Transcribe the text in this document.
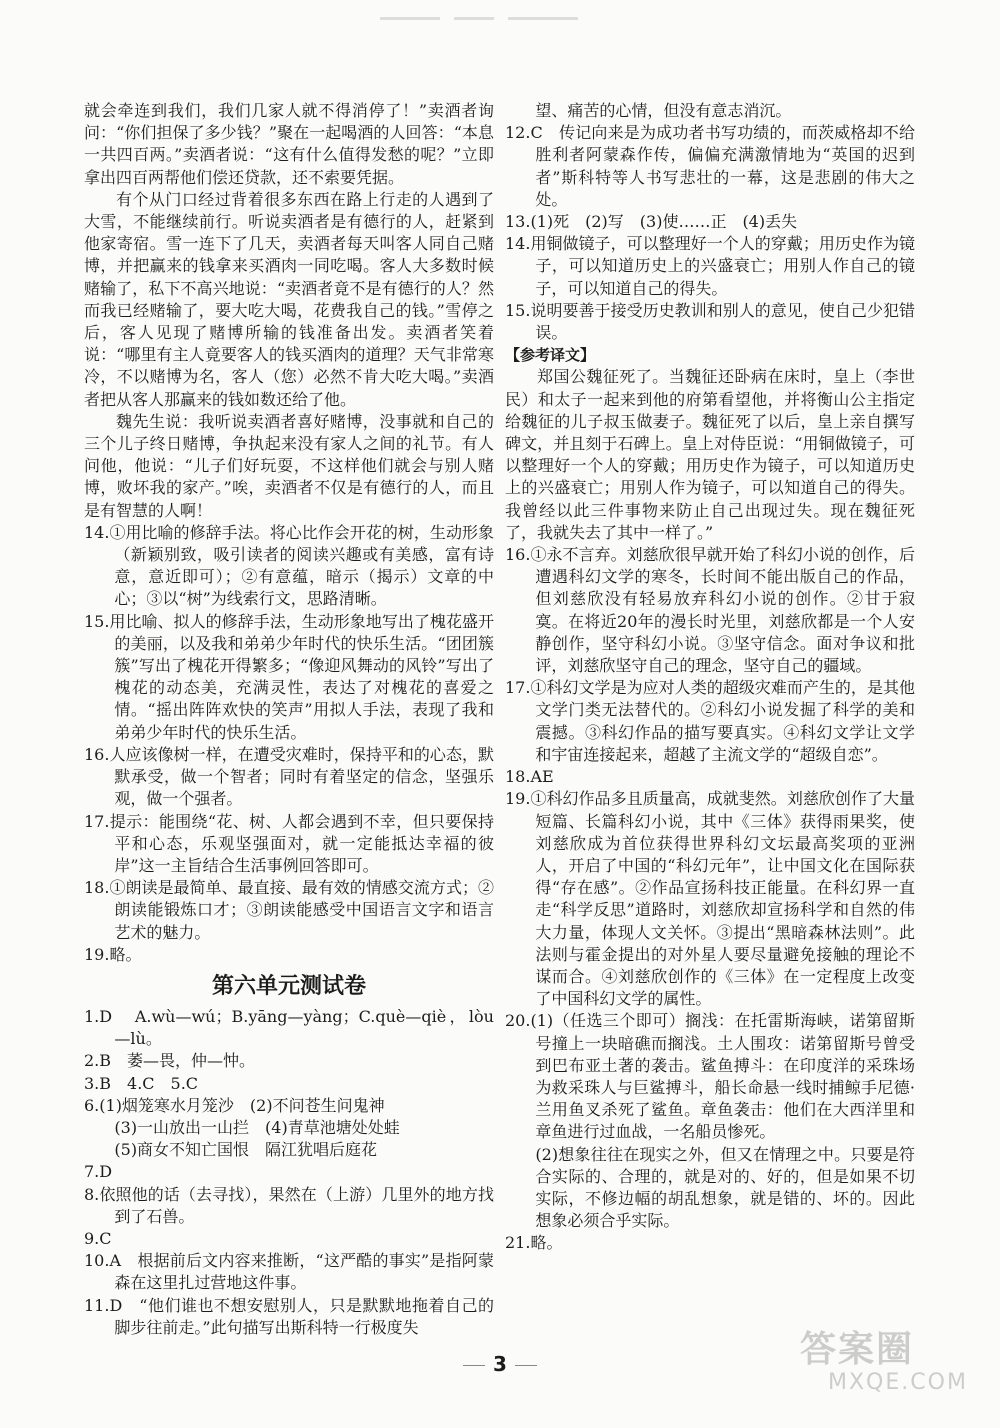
就会牵连到我们，我们几家人就不得消停了！”卖酒者询问：“你们担保了多少钱？”聚在一起喝酒的人回答：“本息一共四百两。”卖酒者说：“这有什么值得发愁的呢？”立即拿出四百两帮他们偿还贷款，还不索要凭据。

有个从门口经过背着很多东西在路上行走的人遇到了大雪，不能继续前行。听说卖酒者是有德行的人，赶紧到他家寄宿。雪一连下了几天，卖酒者每天叫客人同自己赌博，并把赢来的钱拿来买酒肉一同吃喝。客人大多数时候赌输了，私下不高兴地说：“卖酒者竟不是有德行的人？然而我已经赌输了，要大吃大喝，花费我自己的钱。”雪停之后，客人见现了赌博所输的钱准备出发。卖酒者笑着说：“哪里有主人竟要客人的钱买酒肉的道理？天气非常寒冷，不以赌博为名，客人（您）必然不肯大吃大喝。”卖酒者把从客人那赢来的钱如数还给了他。

魏先生说：我听说卖酒者喜好赌博，没事就和自己的三个儿子终日赌博，争执起来没有家人之间的礼节。有人问他，他说：“儿子们好玩耍，不这样他们就会与别人赌博，败坏我的家产。”唉，卖酒者不仅是有德行的人，而且是有智慧的人啊！

14.①用比喻的修辞手法。将心比作会开花的树，生动形象（新颖别致，吸引读者的阅读兴趣或有美感，富有诗意，意近即可）；②有意蕴，暗示（揭示）文章的中心；③以“树”为线索行文，思路清晰。

15.用比喻、拟人的修辞手法，生动形象地写出了槐花盛开的美丽，以及我和弟弟少年时代的快乐生活。“团团簇簇”写出了槐花开得繁多；“像迎风舞动的风铃”写出了槐花的动态美，充满灵性，表达了对槐花的喜爱之情。“摇出阵阵欢快的笑声”用拟人手法，表现了我和弟弟少年时代的快乐生活。

16.人应该像树一样，在遭受灾难时，保持平和的心态，默默承受，做一个智者；同时有着坚定的信念，坚强乐观，做一个强者。

17.提示：能围绕“花、树、人都会遇到不幸，但只要保持平和心态，乐观坚强面对，就一定能抵达幸福的彼岸”这一主旨结合生活事例回答即可。

18.①朗读是最简单、最直接、最有效的情感交流方式；②朗读能锻炼口才；③朗读能感受中国语言文字和语言艺术的魅力。

19.略。

第六单元测试卷

1.D　A.wù—wú；B.yāng—yàng；C.què—qiè，lòu—lù。

2.B　萎—畏，仲—忡。

3.B　4.C　5.C

6.(1)烟笼寒水月笼沙　(2)不问苍生问鬼神

(3)一山放出一山拦　(4)青草池塘处处蛙

(5)商女不知亡国恨　隔江犹唱后庭花

7.D

8.依照他的话（去寻找），果然在（上游）几里外的地方找到了石兽。

9.C

10.A　根据前后文内容来推断，“这严酷的事实”是指阿蒙森在这里扎过营地这件事。

11.D　“他们谁也不想安慰别人，只是默默地拖着自己的脚步往前走。”此句描写出斯科特一行极度失

望、痛苦的心情，但没有意志消沉。

12.C　传记向来是为成功者书写功绩的，而茨威格却不给胜利者阿蒙森作传，偏偏充满激情地为“英国的迟到者”斯科特等人书写悲壮的一幕，这是悲剧的伟大之处。

13.(1)死　(2)写　(3)使……正　(4)丢失

14.用铜做镜子，可以整理好一个人的穿戴；用历史作为镜子，可以知道历史上的兴盛衰亡；用别人作自己的镜子，可以知道自己的得失。

15.说明要善于接受历史教训和别人的意见，使自己少犯错误。

【 参考译文 】

郑国公魏征死了。当魏征还卧病在床时，皇上（李世民）和太子一起来到他的府第看望他，并将衡山公主指定给魏征的儿子叔玉做妻子。魏征死了以后，皇上亲自撰写碑文，并且刻于石碑上。皇上对侍臣说：“用铜做镜子，可以整理好一个人的穿戴；用历史作为镜子，可以知道历史上的兴盛衰亡；用别人作为镜子，可以知道自己的得失。我曾经以此三件事物来防止自己出现过失。现在魏征死了，我就失去了其中一样了。”

16.①永不言弃。刘慈欣很早就开始了科幻小说的创作，后遭遇科幻文学的寒冬，长时间不能出版自己的作品，但刘慈欣没有轻易放弃科幻小说的创作。②甘于寂寞。在将近20年的漫长时光里，刘慈欣都是一个人安静创作，坚守科幻小说。③坚守信念。面对争议和批评，刘慈欣坚守自己的理念，坚守自己的疆域。

17.①科幻文学是为应对人类的超级灾难而产生的，是其他文学门类无法替代的。②科幻小说发掘了科学的美和震撼。③科幻作品的描写要真实。④科幻文学让文学和宇宙连接起来，超越了主流文学的“超级自恋”。

18.AE

19.①科幻作品多且质量高，成就斐然。刘慈欣创作了大量短篇、长篇科幻小说，其中《三体》获得雨果奖，使刘慈欣成为首位获得世界科幻文坛最高奖项的亚洲人，开启了中国的“科幻元年”，让中国文化在国际获得“存在感”。②作品宣扬科技正能量。在科幻界一直走“科学反思”道路时，刘慈欣却宣扬科学和自然的伟大力量，体现人文关怀。③提出“黑暗森林法则”。此法则与霍金提出的对外星人要尽量避免接触的理论不谋而合。④刘慈欣创作的《三体》在一定程度上改变了中国科幻文学的属性。

20.(1)（任选三个即可）搁浅：在托雷斯海峡，诺第留斯号撞上一块暗礁而搁浅。土人围攻：诺第留斯号曾受到巴布亚土著的袭击。鲨鱼搏斗：在印度洋的采珠场为救采珠人与巨鲨搏斗，船长命悬一线时捕鲸手尼德·兰用鱼叉杀死了鲨鱼。章鱼袭击：他们在大西洋里和章鱼进行过血战，一名船员惨死。

(2)想象往往在现实之外，但又在情理之中。只要是符合实际的、合理的，就是对的、好的，但是如果不切实际，不修边幅的胡乱想象，就是错的、坏的。因此想象必须合乎实际。

21.略。

3	答案圈
MXQE.COM
